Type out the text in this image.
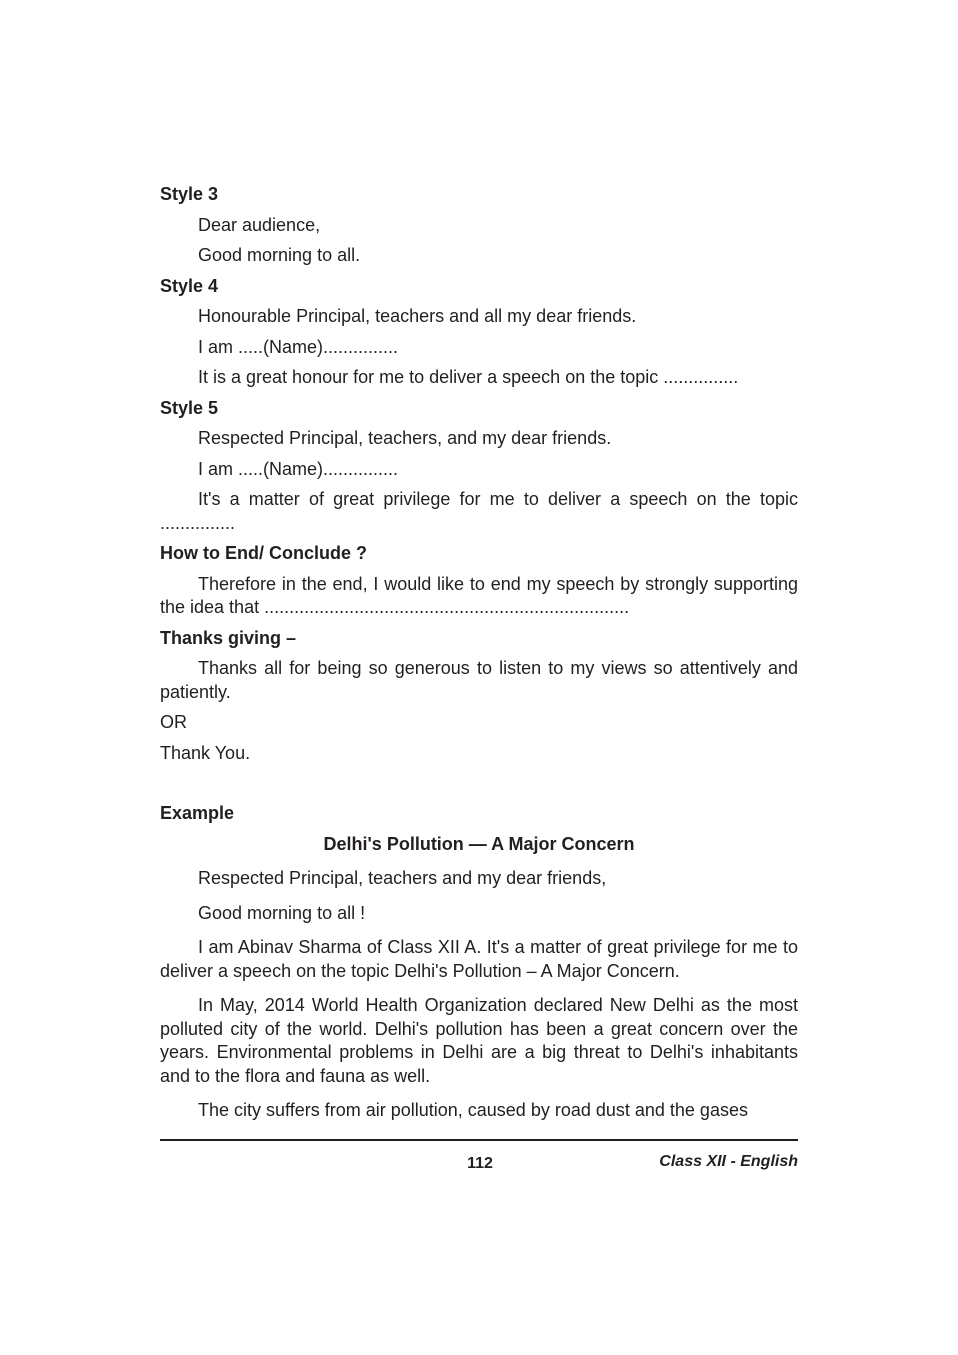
Style 3
Dear audience,
Good morning to all.
Style 4
Honourable Principal, teachers and all my dear friends.
I am .....(Name)...............
It is a great honour for me to deliver a speech on the topic ...............
Style 5
Respected Principal, teachers, and my dear friends.
I am .....(Name)...............
It's a matter of great privilege for me to deliver a speech on the topic ...............
How to End/ Conclude ?
Therefore in the end, I would like to end my speech by strongly supporting the idea that .........................................................................
Thanks giving –
Thanks all for being so generous to listen to my views so attentively and patiently.
OR
Thank You.
Example
Delhi's Pollution — A Major Concern
Respected Principal, teachers and my dear friends,
Good morning to all !
I am Abinav Sharma of Class XII A. It's a matter of great privilege for me to deliver a speech on the topic Delhi's Pollution – A Major Concern.
In May, 2014 World Health Organization declared New Delhi as the most polluted city of the world. Delhi's pollution has been a great concern over the years. Environmental problems in Delhi are a big threat to Delhi's inhabitants and to the flora and fauna as well.
The city suffers from air pollution, caused by road dust and the gases
112	Class XII - English
